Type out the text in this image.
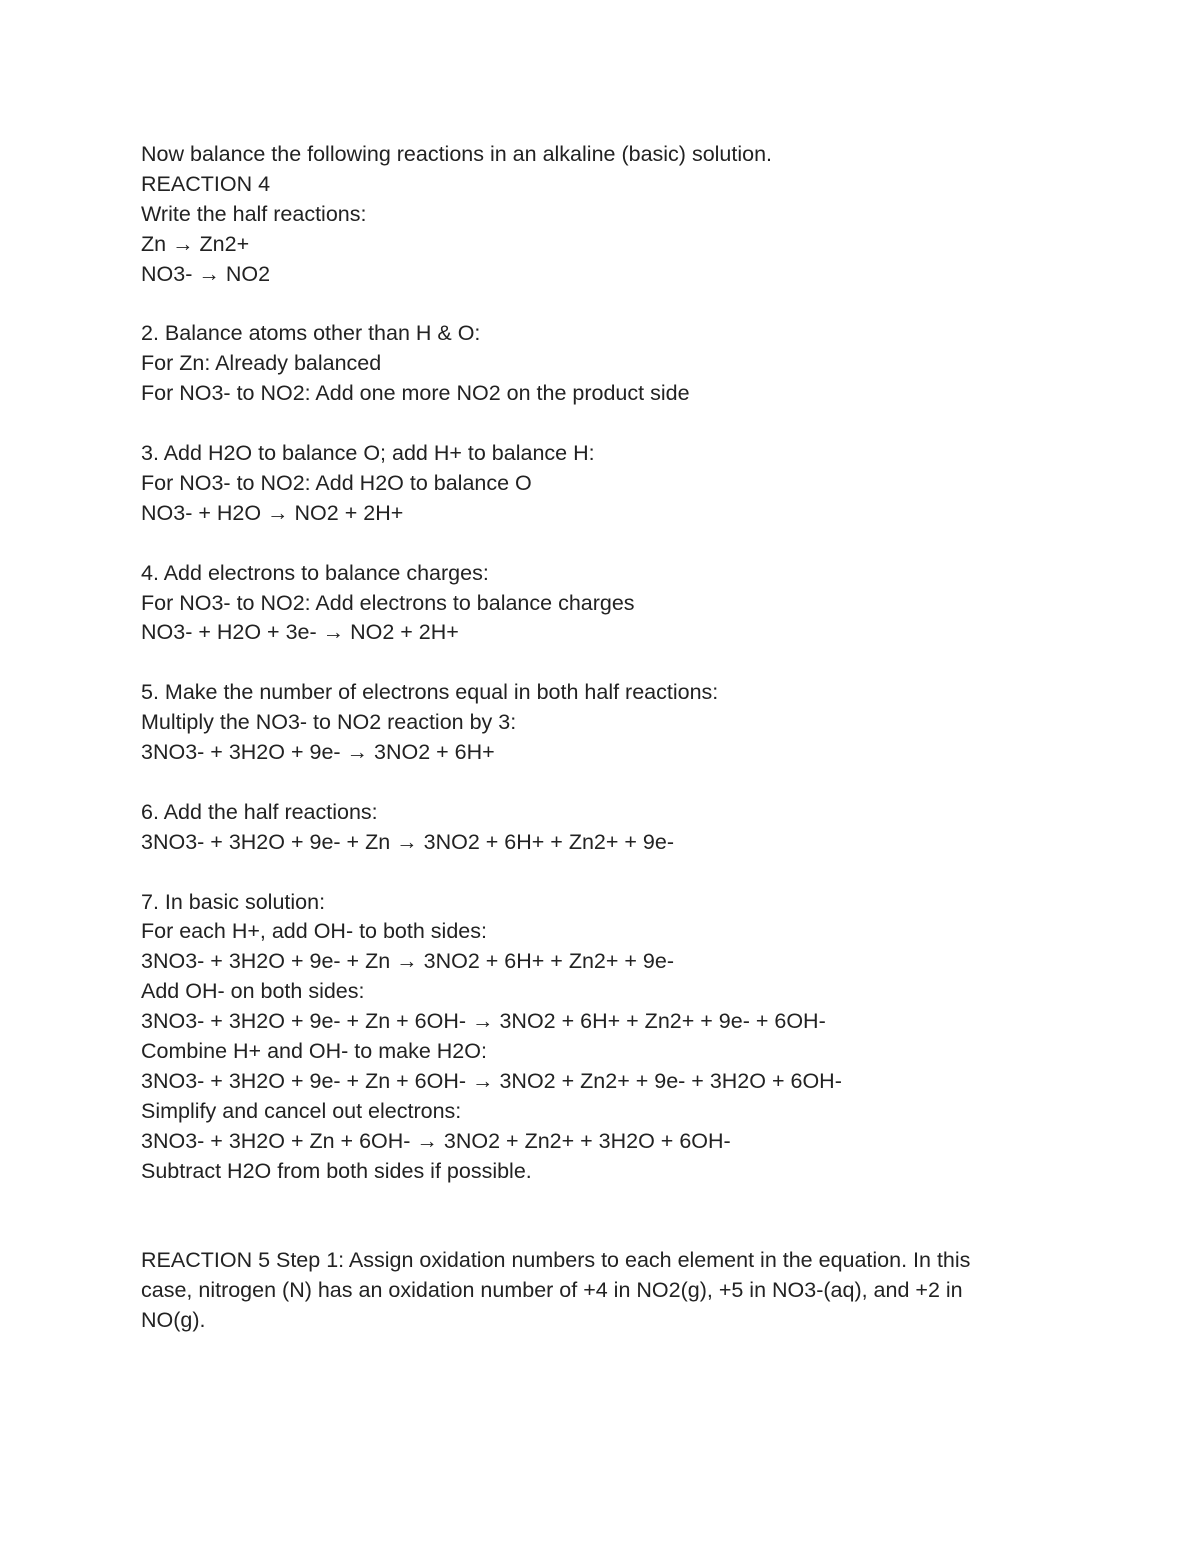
Now balance the following reactions in an alkaline (basic) solution.
REACTION 4
Write the half reactions:
Zn → Zn2+
NO3- → NO2
2. Balance atoms other than H & O:
For Zn: Already balanced
For NO3- to NO2: Add one more NO2 on the product side
3. Add H2O to balance O; add H+ to balance H:
For NO3- to NO2: Add H2O to balance O
NO3- + H2O → NO2 + 2H+
4. Add electrons to balance charges:
For NO3- to NO2: Add electrons to balance charges
NO3- + H2O + 3e- → NO2 + 2H+
5. Make the number of electrons equal in both half reactions:
Multiply the NO3- to NO2 reaction by 3:
3NO3- + 3H2O + 9e- → 3NO2 + 6H+
6. Add the half reactions:
3NO3- + 3H2O + 9e- + Zn → 3NO2 + 6H+ + Zn2+ + 9e-
7. In basic solution:
For each H+, add OH- to both sides:
3NO3- + 3H2O + 9e- + Zn → 3NO2 + 6H+ + Zn2+ + 9e-
Add OH- on both sides:
3NO3- + 3H2O + 9e- + Zn + 6OH- → 3NO2 + 6H+ + Zn2+ + 9e- + 6OH-
Combine H+ and OH- to make H2O:
3NO3- + 3H2O + 9e- + Zn + 6OH- → 3NO2 + Zn2+ + 9e- + 3H2O + 6OH-
Simplify and cancel out electrons:
3NO3- + 3H2O + Zn + 6OH- → 3NO2 + Zn2+ + 3H2O + 6OH-
Subtract H2O from both sides if possible.
REACTION 5 Step 1: Assign oxidation numbers to each element in the equation. In this case, nitrogen (N) has an oxidation number of +4 in NO2(g), +5 in NO3-(aq), and +2 in NO(g).
